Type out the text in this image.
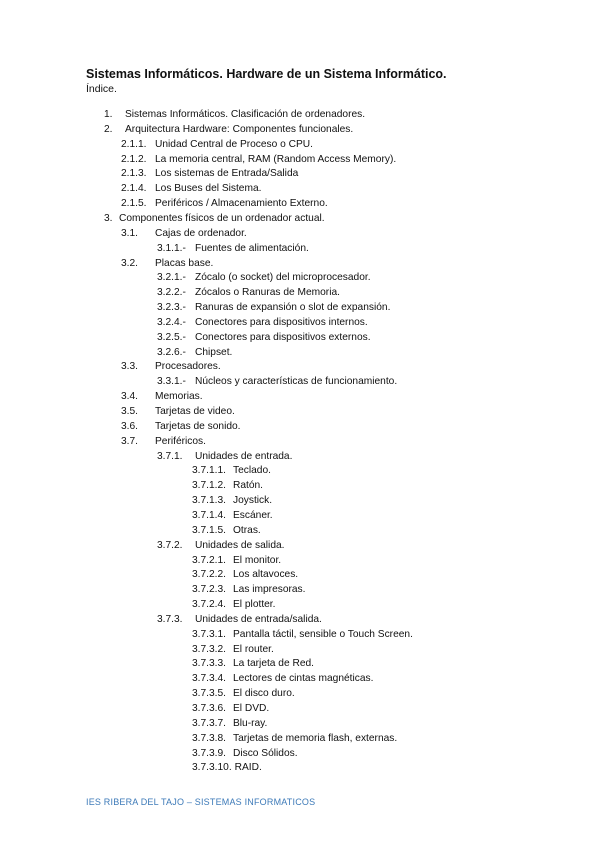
Sistemas Informáticos. Hardware de un Sistema Informático.
Índice.
1. Sistemas Informáticos. Clasificación de ordenadores.
2. Arquitectura Hardware: Componentes funcionales.
2.1.1. Unidad Central de Proceso o CPU.
2.1.2. La memoria central, RAM (Random Access Memory).
2.1.3. Los sistemas de Entrada/Salida
2.1.4. Los Buses del Sistema.
2.1.5. Periféricos / Almacenamiento Externo.
3. Componentes físicos de un ordenador actual.
3.1. Cajas de ordenador.
3.1.1.- Fuentes de alimentación.
3.2. Placas base.
3.2.1.- Zócalo (o socket) del microprocesador.
3.2.2.- Zócalos o Ranuras de Memoria.
3.2.3.- Ranuras de expansión o slot de expansión.
3.2.4.- Conectores para dispositivos internos.
3.2.5.- Conectores para dispositivos externos.
3.2.6.- Chipset.
3.3. Procesadores.
3.3.1.- Núcleos y características de funcionamiento.
3.4. Memorias.
3.5. Tarjetas de video.
3.6. Tarjetas de sonido.
3.7. Periféricos.
3.7.1. Unidades de entrada.
3.7.1.1. Teclado.
3.7.1.2. Ratón.
3.7.1.3. Joystick.
3.7.1.4. Escáner.
3.7.1.5. Otras.
3.7.2. Unidades de salida.
3.7.2.1. El monitor.
3.7.2.2. Los altavoces.
3.7.2.3. Las impresoras.
3.7.2.4. El plotter.
3.7.3. Unidades de entrada/salida.
3.7.3.1. Pantalla táctil, sensible o Touch Screen.
3.7.3.2. El router.
3.7.3.3. La tarjeta de Red.
3.7.3.4. Lectores de cintas magnéticas.
3.7.3.5. El disco duro.
3.7.3.6. El DVD.
3.7.3.7. Blu-ray.
3.7.3.8. Tarjetas de memoria flash, externas.
3.7.3.9. Disco Sólidos.
3.7.3.10. RAID.
IES RIBERA DEL TAJO – SISTEMAS INFORMATICOS
